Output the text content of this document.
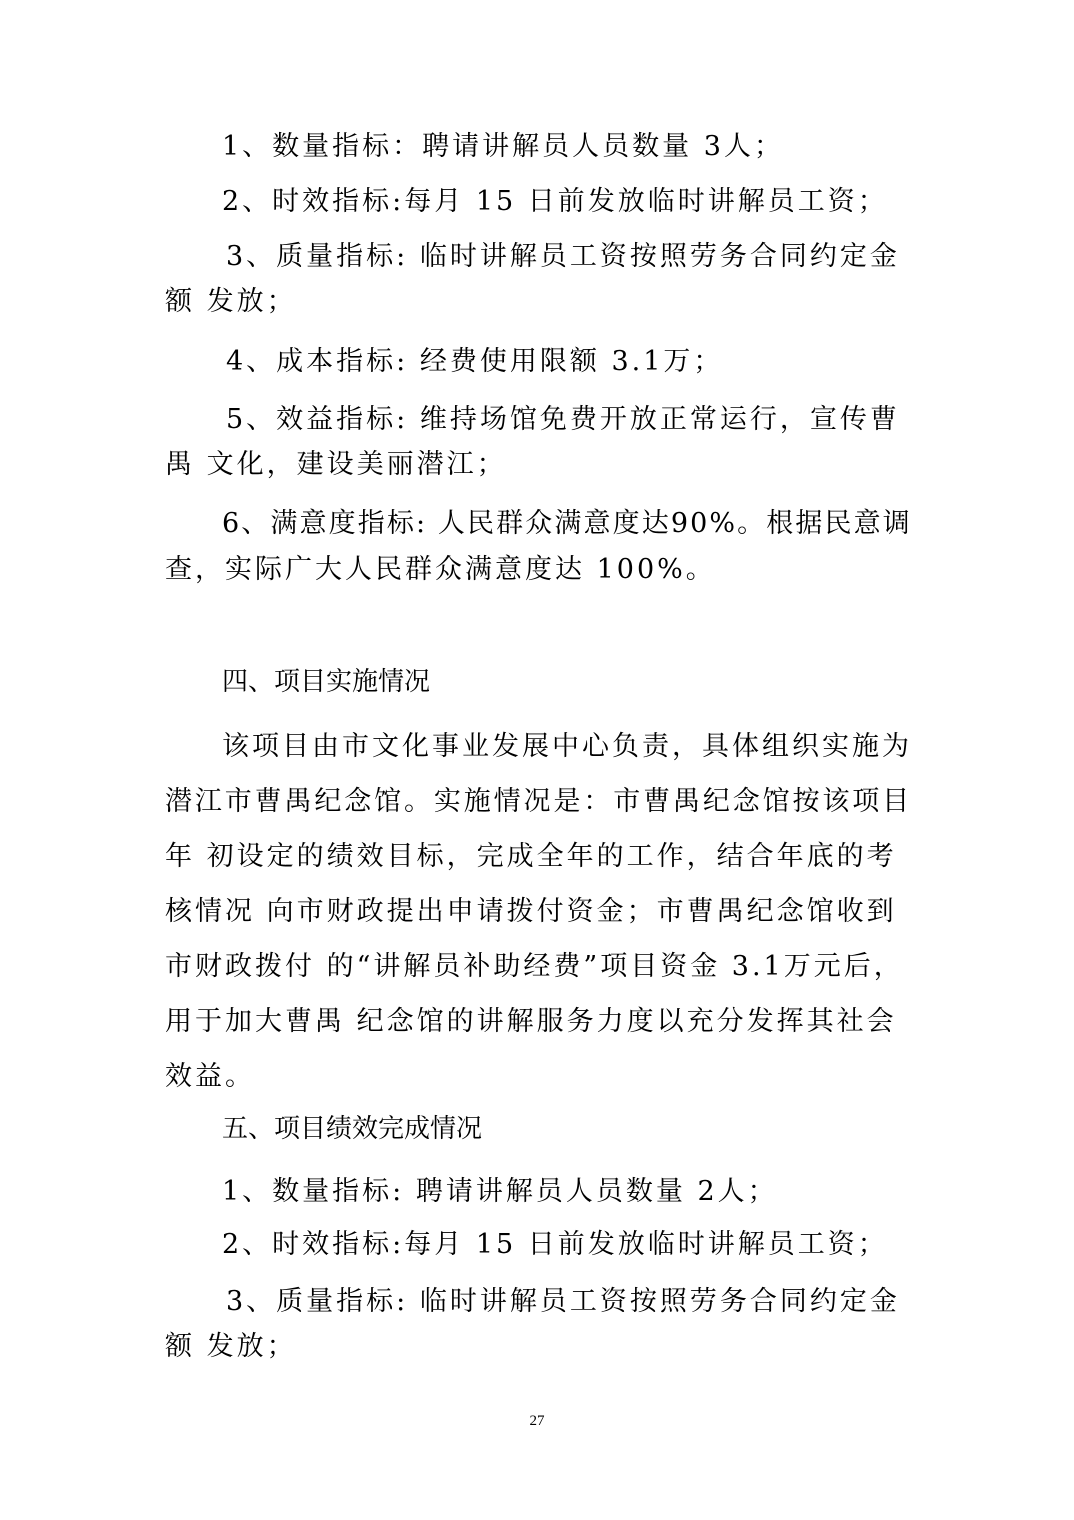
1、数量指标：聘请讲解员人员数量 3人；
2、时效指标:每月 15 日前发放临时讲解员工资；
3、质量指标: 临时讲解员工资按照劳务合同约定金
额 发放；
4、成本指标: 经费使用限额 3.1万；
5、效益指标: 维持场馆免费开放正常运行，宣传曹
禺 文化，建设美丽潜江；
6、满意度指标: 人民群众满意度达90%。根据民意调
查，实际广大人民群众满意度达 100%。
四、项目实施情况
该项目由市文化事业发展中心负责，具体组织实施为
潜江市曹禺纪念馆。实施情况是：市曹禺纪念馆按该项目
年 初设定的绩效目标，完成全年的工作，结合年底的考
核情况 向市财政提出申请拨付资金；市曹禺纪念馆收到
市财政拨付 的“讲解员补助经费”项目资金 3.1万元后，
用于加大曹禺 纪念馆的讲解服务力度以充分发挥其社会
效益。
五、项目绩效完成情况
1、数量指标: 聘请讲解员人员数量 2人；
2、时效指标:每月 15 日前发放临时讲解员工资；
3、质量指标: 临时讲解员工资按照劳务合同约定金
额 发放；
27
